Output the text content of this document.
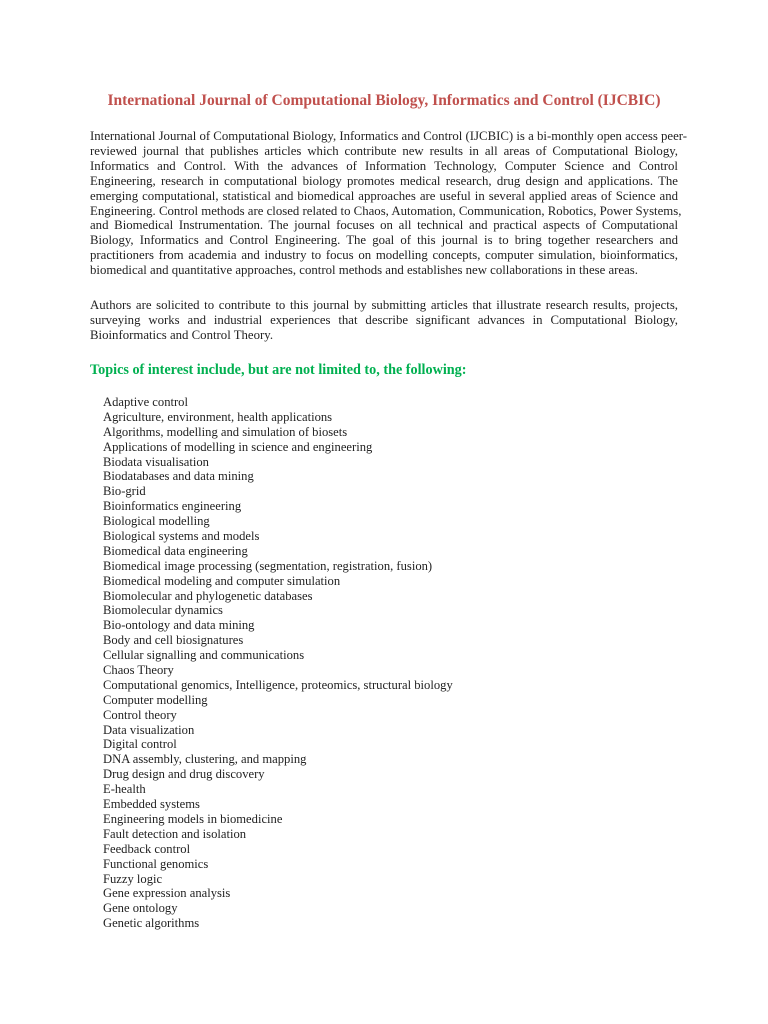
International Journal of Computational Biology, Informatics and Control (IJCBIC)
International Journal of Computational Biology, Informatics and Control (IJCBIC) is a bi-monthly open access peer-
reviewed journal that publishes articles which contribute new results in all areas of Computational Biology,
Informatics and Control. With the advances of Information Technology, Computer Science and Control
Engineering, research in computational biology promotes medical research, drug design and applications. The
emerging computational, statistical and biomedical approaches are useful in several applied areas of Science and
Engineering. Control methods are closed related to Chaos, Automation, Communication, Robotics, Power Systems,
and Biomedical Instrumentation. The journal focuses on all technical and practical aspects of Computational
Biology, Informatics and Control Engineering. The goal of this journal is to bring together researchers and
practitioners from academia and industry to focus on modelling concepts, computer simulation, bioinformatics,
biomedical and quantitative approaches, control methods and establishes new collaborations in these areas.
Authors are solicited to contribute to this journal by submitting articles that illustrate research results, projects,
surveying works and industrial experiences that describe significant advances in Computational Biology,
Bioinformatics and Control Theory.
Topics of interest include, but are not limited to, the following:
Adaptive control
Agriculture, environment, health applications
Algorithms, modelling and simulation of biosets
Applications of modelling in science and engineering
Biodata visualisation
Biodatabases and data mining
Bio-grid
Bioinformatics engineering
Biological modelling
Biological systems and models
Biomedical data engineering
Biomedical image processing (segmentation, registration, fusion)
Biomedical modeling and computer simulation
Biomolecular and phylogenetic databases
Biomolecular dynamics
Bio-ontology and data mining
Body and cell biosignatures
Cellular signalling and communications
Chaos Theory
Computational genomics, Intelligence, proteomics, structural biology
Computer modelling
Control theory
Data visualization
Digital control
DNA assembly, clustering, and mapping
Drug design and drug discovery
E-health
Embedded systems
Engineering models in biomedicine
Fault detection and isolation
Feedback control
Functional genomics
Fuzzy logic
Gene expression analysis
Gene ontology
Genetic algorithms
